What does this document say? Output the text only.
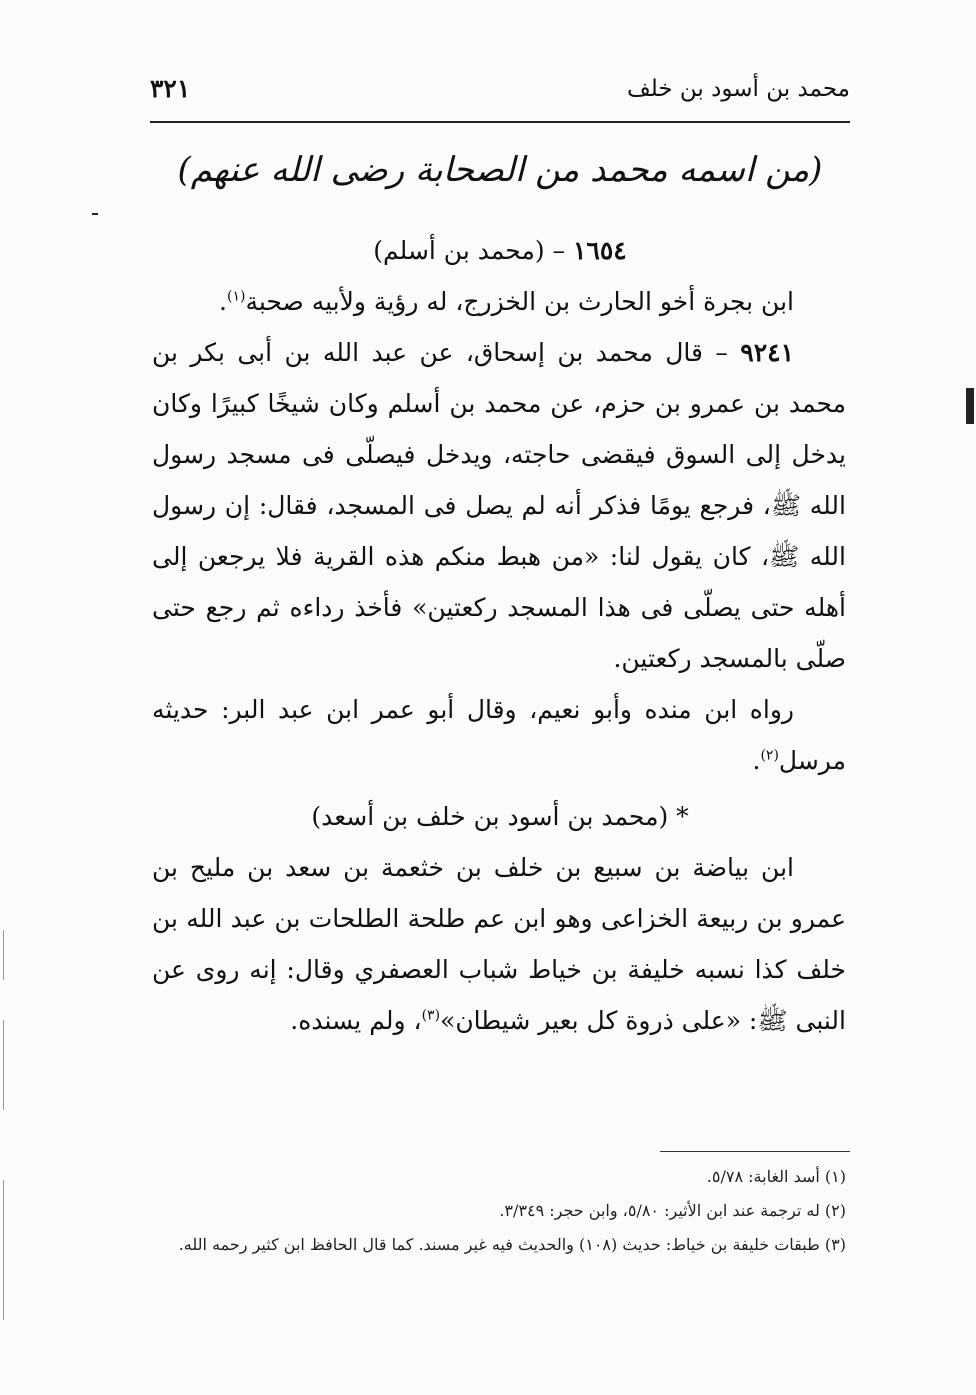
محمد بن أسود بن خلف
٣٢١
(من اسمه محمد من الصحابة رضى الله عنهم)
١٦٥٤ – (محمد بن أسلم)

ابن بجرة أخو الحارث بن الخزرج، له رؤية ولأبيه صحبة$^{(١)}$.

٩٢٤١ – قال محمد بن إسحاق، عن عبد الله بن أبى بكر بن محمد بن عمرو بن حزم، عن محمد بن أسلم وكان شيخًا كبيرًا وكان يدخل إلى السوق فيقضى حاجته، ويدخل فيصلّى فى مسجد رسول الله ﷺ، فرجع يومًا فذكر أنه لم يصل فى المسجد، فقال: إن رسول الله ﷺ، كان يقول لنا: «من هبط منكم هذه القرية فلا يرجعن إلى أهله حتى يصلّى فى هذا المسجد ركعتين» فأخذ رداءه ثم رجع حتى صلّى بالمسجد ركعتين.

رواه ابن منده وأبو نعيم، وقال أبو عمر ابن عبد البر: حديثه مرسل$^{(٢)}$.

* (محمد بن أسود بن خلف بن أسعد)

ابن بياضة بن سبيع بن خلف بن خثعمة بن سعد بن مليح بن عمرو بن ربيعة الخزاعى وهو ابن عم طلحة الطلحات بن عبد الله بن خلف كذا نسبه خليفة بن خياط شباب العصفري وقال: إنه روى عن النبى ﷺ: «على ذروة كل بعير شيطان»$^{(٣)}$، ولم يسنده.

(١) أسد الغابة: ٥/٧٨.

(٢) له ترجمة عند ابن الأثير: ٥/٨٠، وابن حجر: ٣/٣٤٩.

(٣) طبقات خليفة بن خياط: حديث (١٠٨) والحديث فيه غير مسند. كما قال الحافظ ابن كثير رحمه الله.
